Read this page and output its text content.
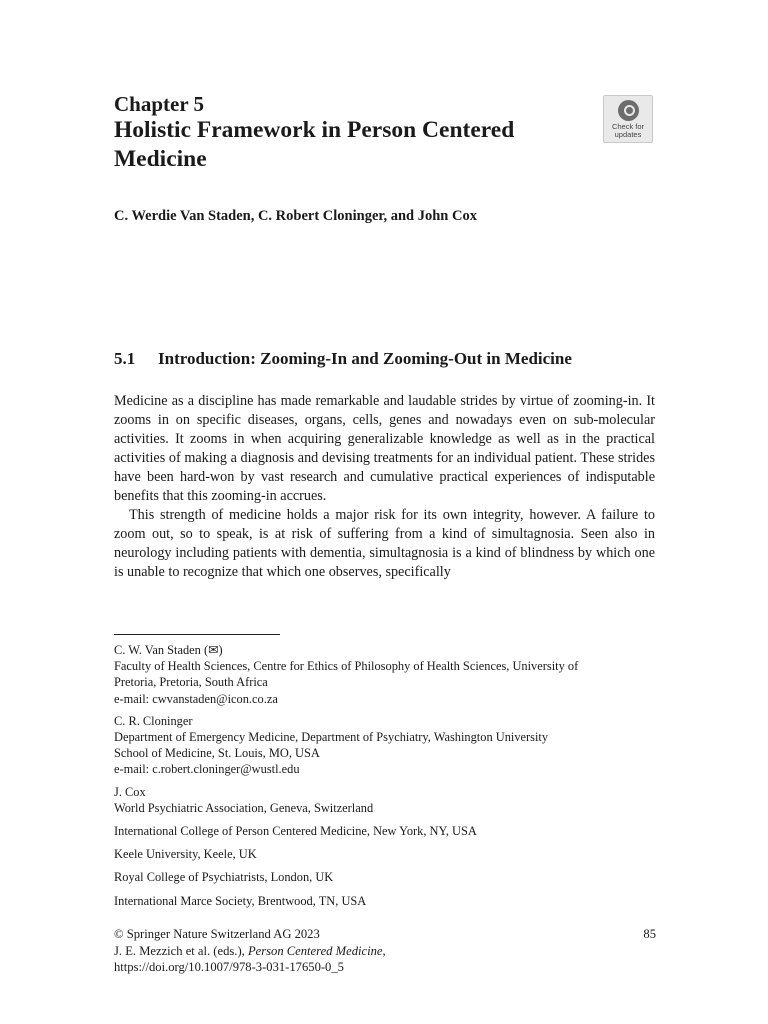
Chapter 5
Holistic Framework in Person Centered Medicine
Check for
updates
C. Werdie Van Staden, C. Robert Cloninger, and John Cox
5.1 Introduction: Zooming-In and Zooming-Out in Medicine

Medicine as a discipline has made remarkable and laudable strides by virtue of zooming-in. It zooms in on specific diseases, organs, cells, genes and nowadays even on sub-molecular activities. It zooms in when acquiring generalizable knowledge as well as in the practical activities of making a diagnosis and devising treatments for an individual patient. These strides have been hard-won by vast research and cumulative practical experiences of indisputable benefits that this zooming-in accrues.

This strength of medicine holds a major risk for its own integrity, however. A failure to zoom out, so to speak, is at risk of suffering from a kind of simultagnosia. Seen also in neurology including patients with dementia, simultagnosia is a kind of blindness by which one is unable to recognize that which one observes, specifically

C. W. Van Staden (✉)
Faculty of Health Sciences, Centre for Ethics of Philosophy of Health Sciences, University of
Pretoria, Pretoria, South Africa
e-mail: cwvanstaden@icon.co.za
C. R. Cloninger
Department of Emergency Medicine, Department of Psychiatry, Washington University
School of Medicine, St. Louis, MO, USA
e-mail: c.robert.cloninger@wustl.edu
J. Cox
World Psychiatric Association, Geneva, Switzerland
International College of Person Centered Medicine, New York, NY, USA
Keele University, Keele, UK
Royal College of Psychiatrists, London, UK
International Marce Society, Brentwood, TN, USA
© Springer Nature Switzerland AG 2023
J. E. Mezzich et al. (eds.), Person Centered Medicine,
https://doi.org/10.1007/978-3-031-17650-0_5
85
